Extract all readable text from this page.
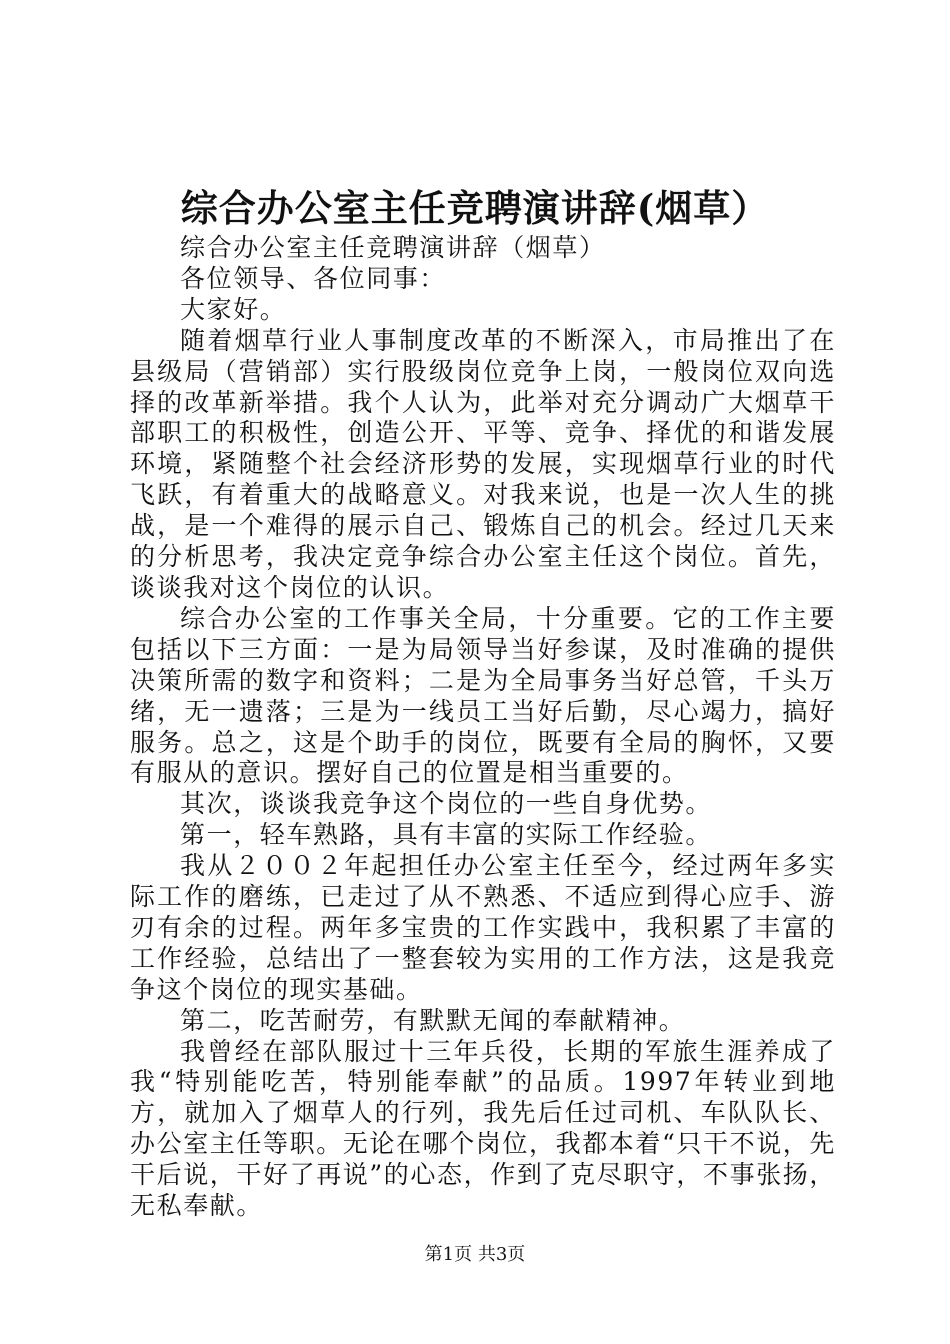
综合办公室主任竞聘演讲辞(烟草）

综合办公室主任竞聘演讲辞（烟草）

各位领导、各位同事：

大家好。

随着烟草行业人事制度改革的不断深入，市局推出了在县级局（营销部）实行股级岗位竞争上岗，一般岗位双向选择的改革新举措。我个人认为，此举对充分调动广大烟草干部职工的积极性，创造公开、平等、竞争、择优的和谐发展环境，紧随整个社会经济形势的发展，实现烟草行业的时代飞跃，有着重大的战略意义。对我来说，也是一次人生的挑战，是一个难得的展示自己、锻炼自己的机会。经过几天来的分析思考，我决定竞争综合办公室主任这个岗位。首先，谈谈我对这个岗位的认识。

综合办公室的工作事关全局，十分重要。它的工作主要包括以下三方面：一是为局领导当好参谋，及时准确的提供决策所需的数字和资料；二是为全局事务当好总管，千头万绪，无一遗落；三是为一线员工当好后勤，尽心竭力，搞好服务。总之，这是个助手的岗位，既要有全局的胸怀，又要有服从的意识。摆好自己的位置是相当重要的。

其次，谈谈我竞争这个岗位的一些自身优势。

第一，轻车熟路，具有丰富的实际工作经验。

我从２００２年起担任办公室主任至今，经过两年多实际工作的磨练，已走过了从不熟悉、不适应到得心应手、游刃有余的过程。两年多宝贵的工作实践中，我积累了丰富的工作经验，总结出了一整套较为实用的工作方法，这是我竞争这个岗位的现实基础。

第二，吃苦耐劳，有默默无闻的奉献精神。

我曾经在部队服过十三年兵役，长期的军旅生涯养成了我“特别能吃苦，特别能奉献”的品质。1997年转业到地方，就加入了烟草人的行列，我先后任过司机、车队队长、办公室主任等职。无论在哪个岗位，我都本着“只干不说，先干后说，干好了再说”的心态，作到了克尽职守，不事张扬，无私奉献。

第1页 共3页
